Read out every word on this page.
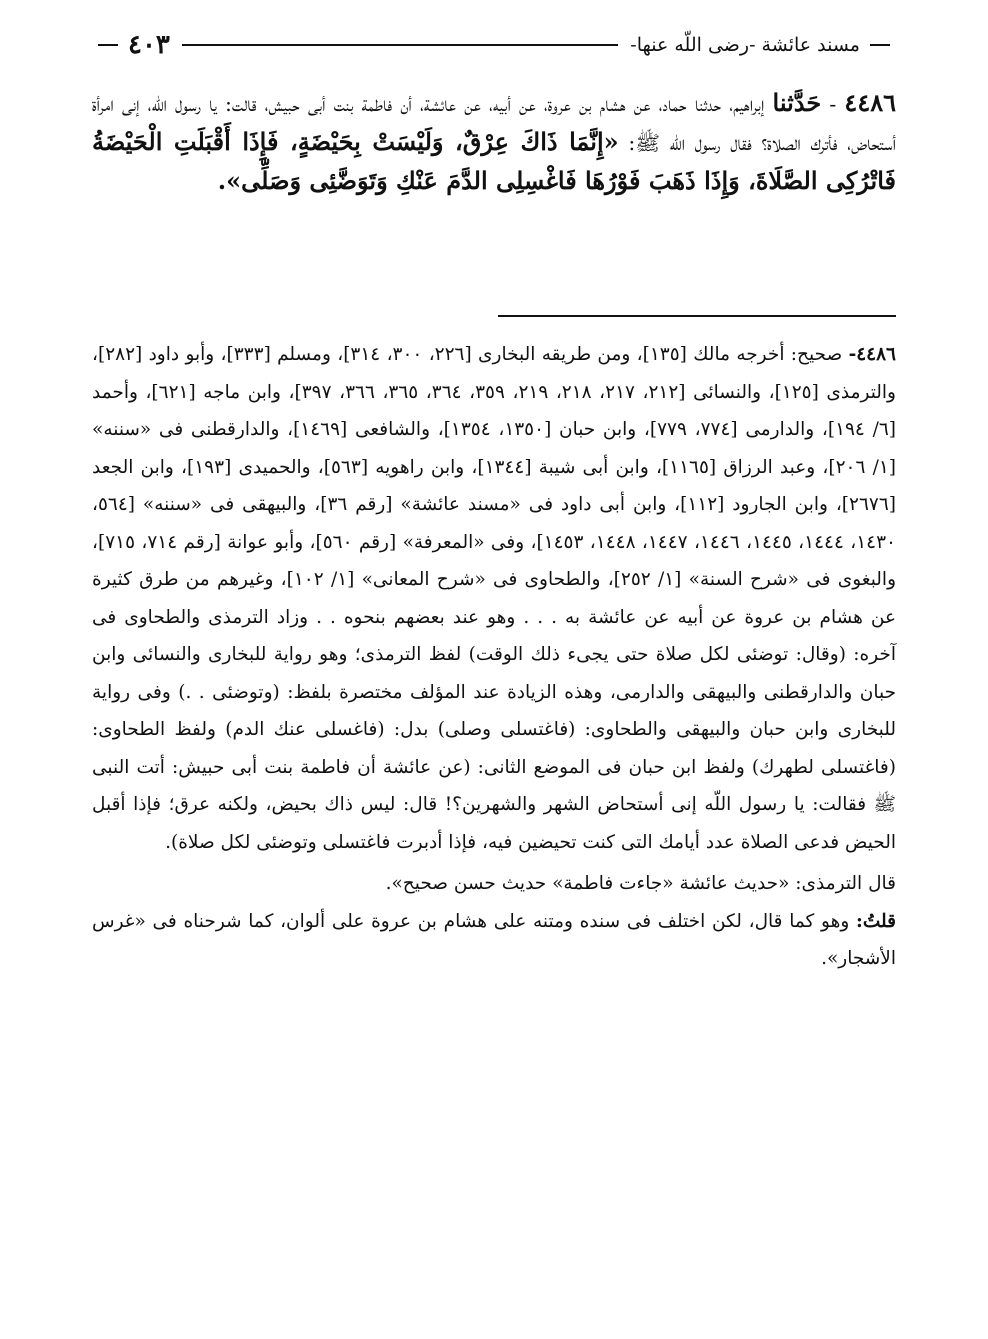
مسند عائشة -رضى اللّه عنها-
٤٠٣
٤٤٨٦ - حَدَّثنا إبراهيم، حدثنا حماد، عن هشام بن عروة، عن أبيه، عن عائشة، أن فاطمة بنت أبى حبيش، قالت: يا رسول اللّه، إنى امرأة أستحاض، فأترك الصلاة؟ فقال رسول اللّه ﷺ: «إِنَّمَا ذَاكَ عِرْقٌ، وَلَيْسَتْ بِحَيْضَةٍ، فَإِذَا أَقْبَلَتِ الْحَيْضَةُ فَاتْرُكِى الصَّلَاةَ، وَإِذَا ذَهَبَ فَوْرُهَا فَاغْسِلِى الدَّمَ عَنْكِ وَتَوَضَّئِى وَصَلِّى».

٤٤٨٦- صحيح: أخرجه مالك [١٣٥]، ومن طريقه البخارى [٢٢٦، ٣٠٠، ٣١٤]، ومسلم [٣٣٣]، وأبو داود [٢٨٢]، والترمذى [١٢٥]، والنسائى [٢١٢، ٢١٧، ٢١٨، ٢١٩، ٣٥٩، ٣٦٤، ٣٦٥، ٣٦٦، ٣٩٧]، وابن ماجه [٦٢١]، وأحمد [٦/ ١٩٤]، والدارمى [٧٧٤، ٧٧٩]، وابن حبان [١٣٥٠، ١٣٥٤]، والشافعى [١٤٦٩]، والدارقطنى فى «سننه» [١/ ٢٠٦]، وعبد الرزاق [١١٦٥]، وابن أبى شيبة [١٣٤٤]، وابن راهويه [٥٦٣]، والحميدى [١٩٣]، وابن الجعد [٢٦٧٦]، وابن الجارود [١١٢]، وابن أبى داود فى «مسند عائشة» [رقم ٣٦]، والبيهقى فى «سننه» [٥٦٤، ١٤٣٠، ١٤٤٤، ١٤٤٥، ١٤٤٦، ١٤٤٧، ١٤٤٨، ١٤٥٣]، وفى «المعرفة» [رقم ٥٦٠]، وأبو عوانة [رقم ٧١٤، ٧١٥]، والبغوى فى «شرح السنة» [١/ ٢٥٢]، والطحاوى فى «شرح المعانى» [١/ ١٠٢]، وغيرهم من طرق كثيرة عن هشام بن عروة عن أبيه عن عائشة به . . . وهو عند بعضهم بنحوه . . وزاد الترمذى والطحاوى فى آخره: (وقال: توضئى لكل صلاة حتى يجىء ذلك الوقت) لفظ الترمذى؛ وهو رواية للبخارى والنسائى وابن حبان والدارقطنى والبيهقى والدارمى، وهذه الزيادة عند المؤلف مختصرة بلفظ: (وتوضئى . .) وفى رواية للبخارى وابن حبان والبيهقى والطحاوى: (فاغتسلى وصلى) بدل: (فاغسلى عنك الدم) ولفظ الطحاوى: (فاغتسلى لطهرك) ولفظ ابن حبان فى الموضع الثانى: (عن عائشة أن فاطمة بنت أبى حبيش: أتت النبى ﷺ فقالت: يا رسول اللّه إنى أستحاض الشهر والشهرين؟! قال: ليس ذاك بحيض، ولكنه عرق؛ فإذا أقبل الحيض فدعى الصلاة عدد أيامك التى كنت تحيضين فيه، فإذا أدبرت فاغتسلى وتوضئى لكل صلاة).

قال الترمذى: «حديث عائشة «جاءت فاطمة» حديث حسن صحيح».

قلتُ: وهو كما قال، لكن اختلف فى سنده ومتنه على هشام بن عروة على ألوان، كما شرحناه فى «غرس الأشجار».
